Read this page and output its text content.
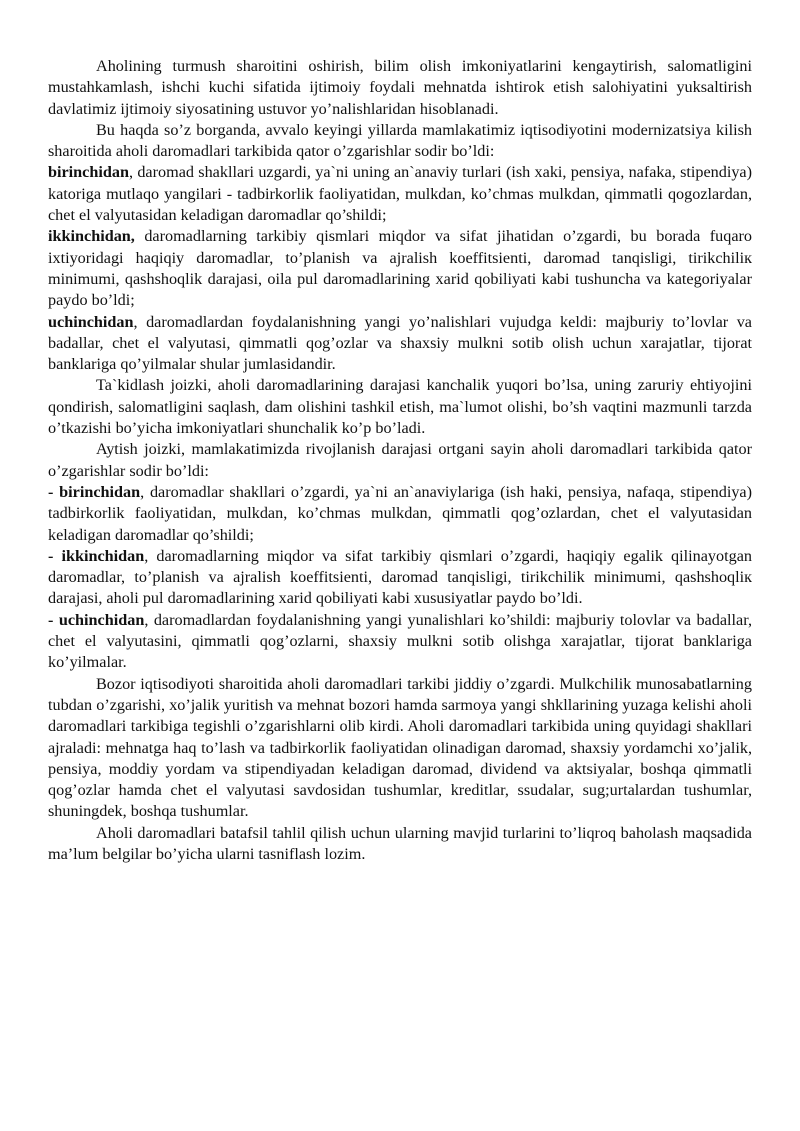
Aholining turmush sharoitini oshirish, bilim olish imkoniyatlarini kengaytirish, salomatligini mustahkamlash, ishchi kuchi sifatida ijtimoiy foydali mehnatda ishtirok etish salohiyatini yuksaltirish davlatimiz ijtimoiy siyosatining ustuvor yo’nalishlaridan hisoblanadi.

Bu haqda so’z borganda, avvalo keyingi yillarda mamlakatimiz iqtisodiyotini modernizatsiya kilish sharoitida aholi daromadlari tarkibida qator o’zgarishlar sodir bo’ldi:

birinchidan, daromad shakllari uzgardi, ya`ni uning an`anaviy turlari (ish xaki, pensiya, nafaka, stipendiya) katoriga mutlaqo yangilari - tadbirkorlik faoliyatidan, mulkdan, ko’chmas mulkdan, qimmatli qogozlardan, chet el valyutasidan keladigan daromadlar qo’shildi;

ikkinchidan, daromadlarning tarkibiy qismlari miqdor va sifat jihatidan o’zgardi, bu borada fuqaro ixtiyoridagi haqiqiy daromadlar, to’planish va ajralish koeffitsienti, daromad tanqisligi, tirikchiliк minimumi, qashshoqlik darajasi, oila pul daromadlarining xarid qobiliyati kabi tushuncha va kategoriyalar paydo bo’ldi;

uchinchidan, daromadlardan foydalanishning yangi yo’nalishlari vujudga keldi: majburiy to’lovlar va badallar, chet el valyutasi, qimmatli qog’ozlar va shaxsiy mulkni sotib olish uchun xarajatlar, tijorat banklariga qo’yilmalar shular jumlasidandir.

Ta`kidlash joizki, aholi daromadlarining darajasi kanchalik yuqori bo’lsa, uning zaruriy ehtiyojini qondirish, salomatligini saqlash, dam olishini tashkil etish, ma`lumot olishi, bo’sh vaqtini mazmunli tarzda o’tkazishi bo’yicha imkoniyatlari shunchalik ko’p bo’ladi.

Aytish joizki, mamlakatimizda rivojlanish darajasi ortgani sayin aholi daromadlari tarkibida qator o’zgarishlar sodir bo’ldi:

- birinchidan, daromadlar shakllari o’zgardi, ya`ni an`anaviylariga (ish haki, pensiya, nafaqa, stipendiya) tadbirkorlik faoliyatidan, mulkdan, ko’chmas mulkdan, qimmatli qog’ozlardan, chet el valyutasidan keladigan daromadlar qo’shildi;

- ikkinchidan, daromadlarning miqdor va sifat tarkibiy qismlari o’zgardi, haqiqiy egalik qilinayotgan daromadlar, to’planish va ajralish koeffitsienti, daromad tanqisligi, tirikchilik minimumi, qashshoqliк darajasi, aholi pul daromadlarining xarid qobiliyati kabi xususiyatlar paydo bo’ldi.

- uchinchidan, daromadlardan foydalanishning yangi yunalishlari ko’shildi: majburiy tolovlar va badallar, chet el valyutasini, qimmatli qog’ozlarni, shaxsiy mulkni sotib olishga xarajatlar, tijorat banklariga ko’yilmalar.

Bozor iqtisodiyoti sharoitida aholi daromadlari tarkibi jiddiy o’zgardi. Mulkchilik munosabatlarning tubdan o’zgarishi, xo’jalik yuritish va mehnat bozori hamda sarmoya yangi shkllarining yuzaga kelishi aholi daromadlari tarkibiga tegishli o’zgarishlarni olib kirdi. Aholi daromadlari tarkibida uning quyidagi shakllari ajraladi: mehnatga haq to’lash va tadbirkorlik faoliyatidan olinadigan daromad, shaxsiy yordamchi xo’jalik, pensiya, moddiy yordam va stipendiyadan keladigan daromad, dividend va aktsiyalar, boshqa qimmatli qog’ozlar hamda chet el valyutasi savdosidan tushumlar, kreditlar, ssudalar, sug;urtalardan tushumlar, shuningdek, boshqa tushumlar.

Aholi daromadlari batafsil tahlil qilish uchun ularning mavjid turlarini to’liqroq baholash maqsadida ma’lum belgilar bo’yicha ularni tasniflash lozim.
